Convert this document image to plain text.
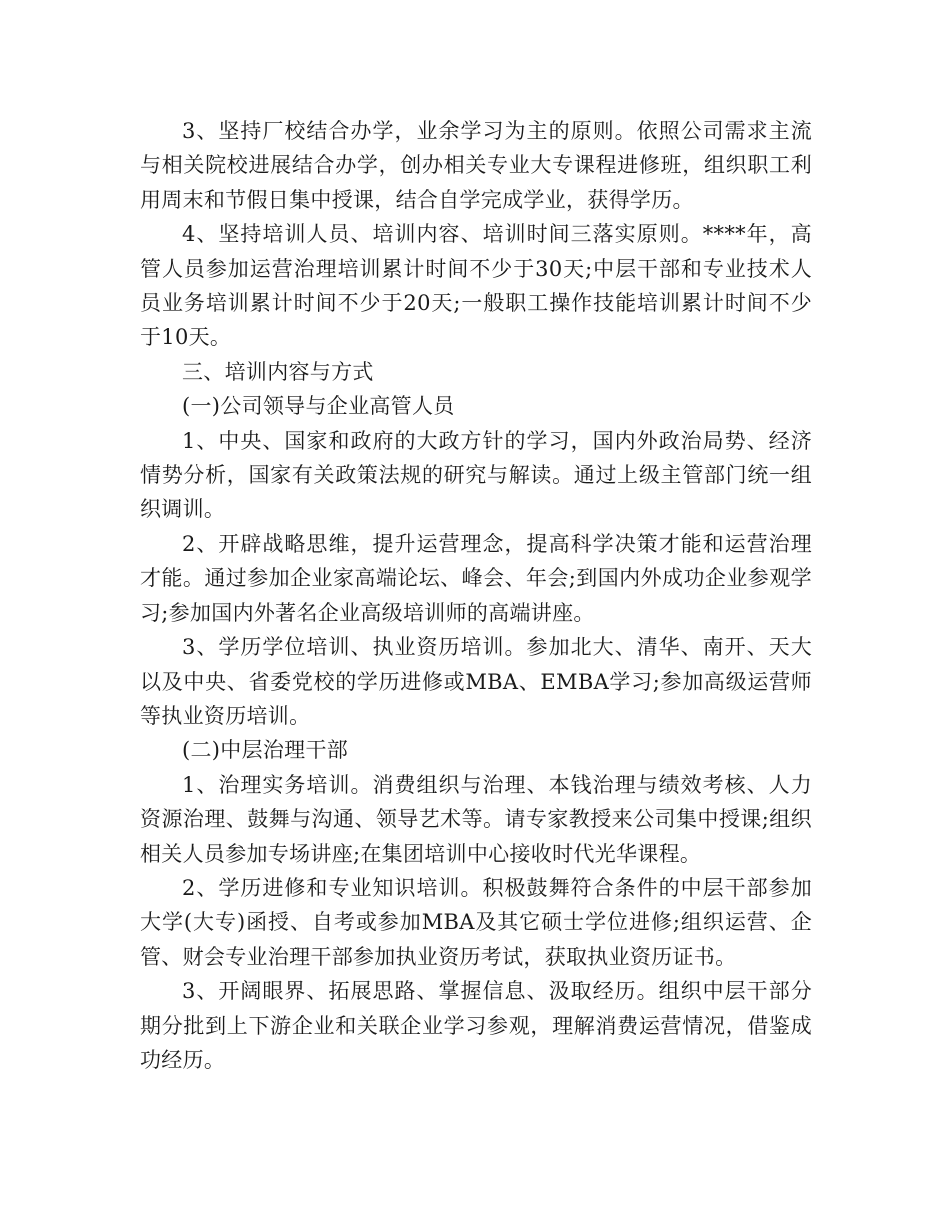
3、坚持厂校结合办学，业余学习为主的原则。依照公司需求主流与相关院校进展结合办学，创办相关专业大专课程进修班，组织职工利用周末和节假日集中授课，结合自学完成学业，获得学历。

4、坚持培训人员、培训内容、培训时间三落实原则。****年，高管人员参加运营治理培训累计时间不少于30天;中层干部和专业技术人员业务培训累计时间不少于20天;一般职工操作技能培训累计时间不少于10天。

三、培训内容与方式

(一)公司领导与企业高管人员

1、中央、国家和政府的大政方针的学习，国内外政治局势、经济情势分析，国家有关政策法规的研究与解读。通过上级主管部门统一组织调训。

2、开辟战略思维，提升运营理念，提高科学决策才能和运营治理才能。通过参加企业家高端论坛、峰会、年会;到国内外成功企业参观学习;参加国内外著名企业高级培训师的高端讲座。

3、学历学位培训、执业资历培训。参加北大、清华、南开、天大以及中央、省委党校的学历进修或MBA、EMBA学习;参加高级运营师等执业资历培训。

(二)中层治理干部

1、治理实务培训。消费组织与治理、本钱治理与绩效考核、人力资源治理、鼓舞与沟通、领导艺术等。请专家教授来公司集中授课;组织相关人员参加专场讲座;在集团培训中心接收时代光华课程。

2、学历进修和专业知识培训。积极鼓舞符合条件的中层干部参加大学(大专)函授、自考或参加MBA及其它硕士学位进修;组织运营、企管、财会专业治理干部参加执业资历考试，获取执业资历证书。

3、开阔眼界、拓展思路、掌握信息、汲取经历。组织中层干部分期分批到上下游企业和关联企业学习参观，理解消费运营情况，借鉴成功经历。
